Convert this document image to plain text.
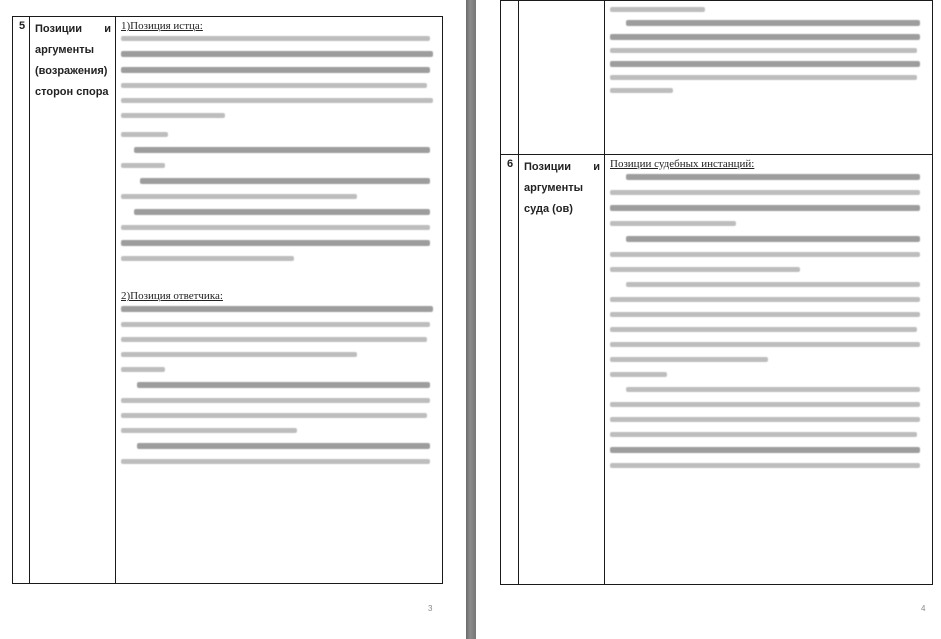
5	Позиции и
аргументы
(возражения)
сторон спора

1)Позиция истца:
2)Позиция ответчика:
3

6	Позиции и
аргументы
суда (ов)

Позиции судебных инстанций:
4
